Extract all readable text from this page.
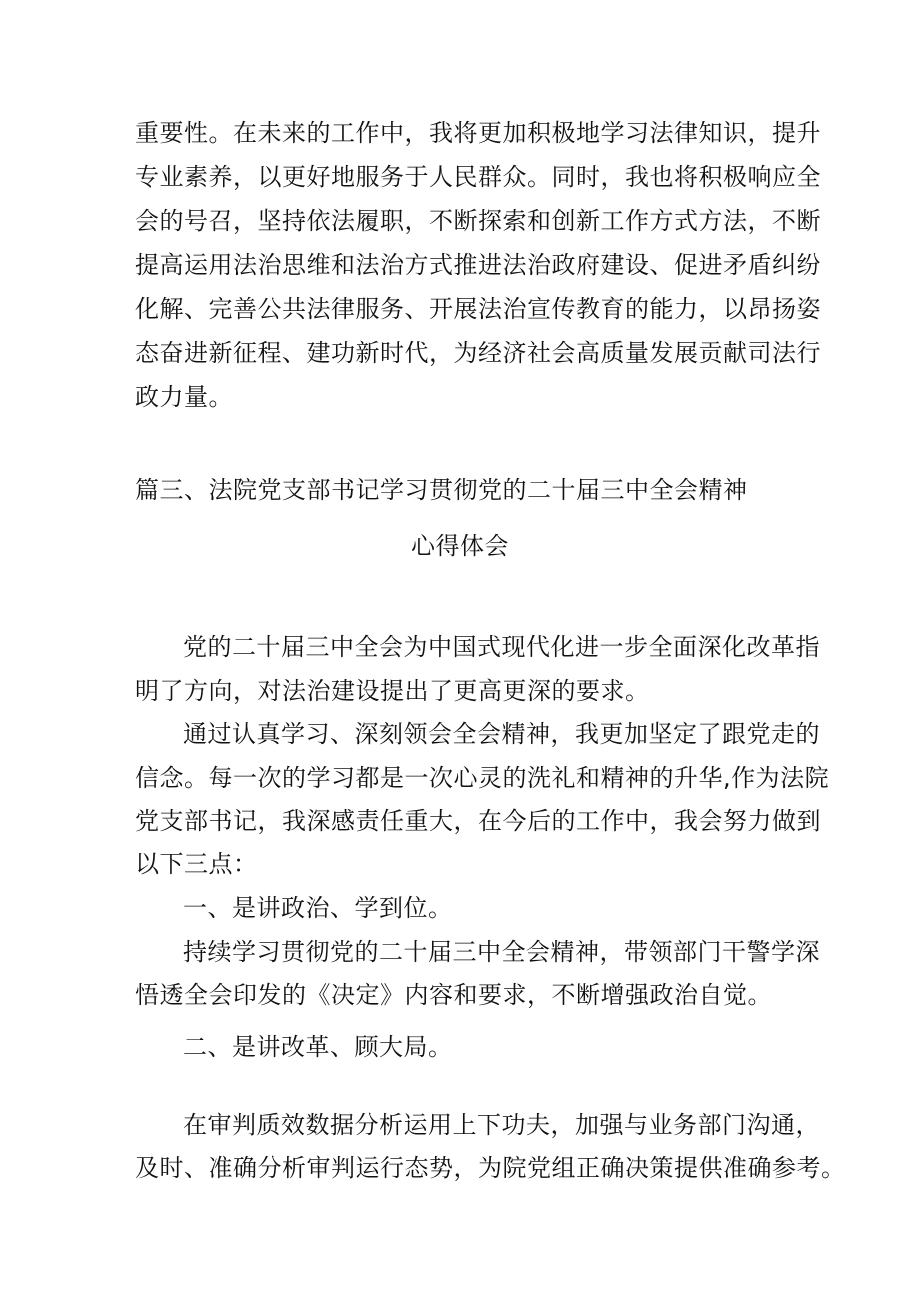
重要性。在未来的工作中，我将更加积极地学习法律知识，提升
专业素养，以更好地服务于人民群众。同时，我也将积极响应全
会的号召，坚持依法履职，不断探索和创新工作方式方法，不断
提高运用法治思维和法治方式推进法治政府建设、促进矛盾纠纷
化解、完善公共法律服务、开展法治宣传教育的能力，以昂扬姿
态奋进新征程、建功新时代，为经济社会高质量发展贡献司法行
政力量。
篇三、法院党支部书记学习贯彻党的二十届三中全会精神
心得体会
党的二十届三中全会为中国式现代化进一步全面深化改革指
明了方向，对法治建设提出了更高更深的要求。
通过认真学习、深刻领会全会精神，我更加坚定了跟党走的
信念。每一次的学习都是一次心灵的洗礼和精神的升华,作为法院
党支部书记，我深感责任重大，在今后的工作中，我会努力做到
以下三点：
一、是讲政治、学到位。
持续学习贯彻党的二十届三中全会精神，带领部门干警学深
悟透全会印发的《决定》内容和要求，不断增强政治自觉。
二、是讲改革、顾大局。
在审判质效数据分析运用上下功夫，加强与业务部门沟通，
及时、准确分析审判运行态势，为院党组正确决策提供准确参考。
